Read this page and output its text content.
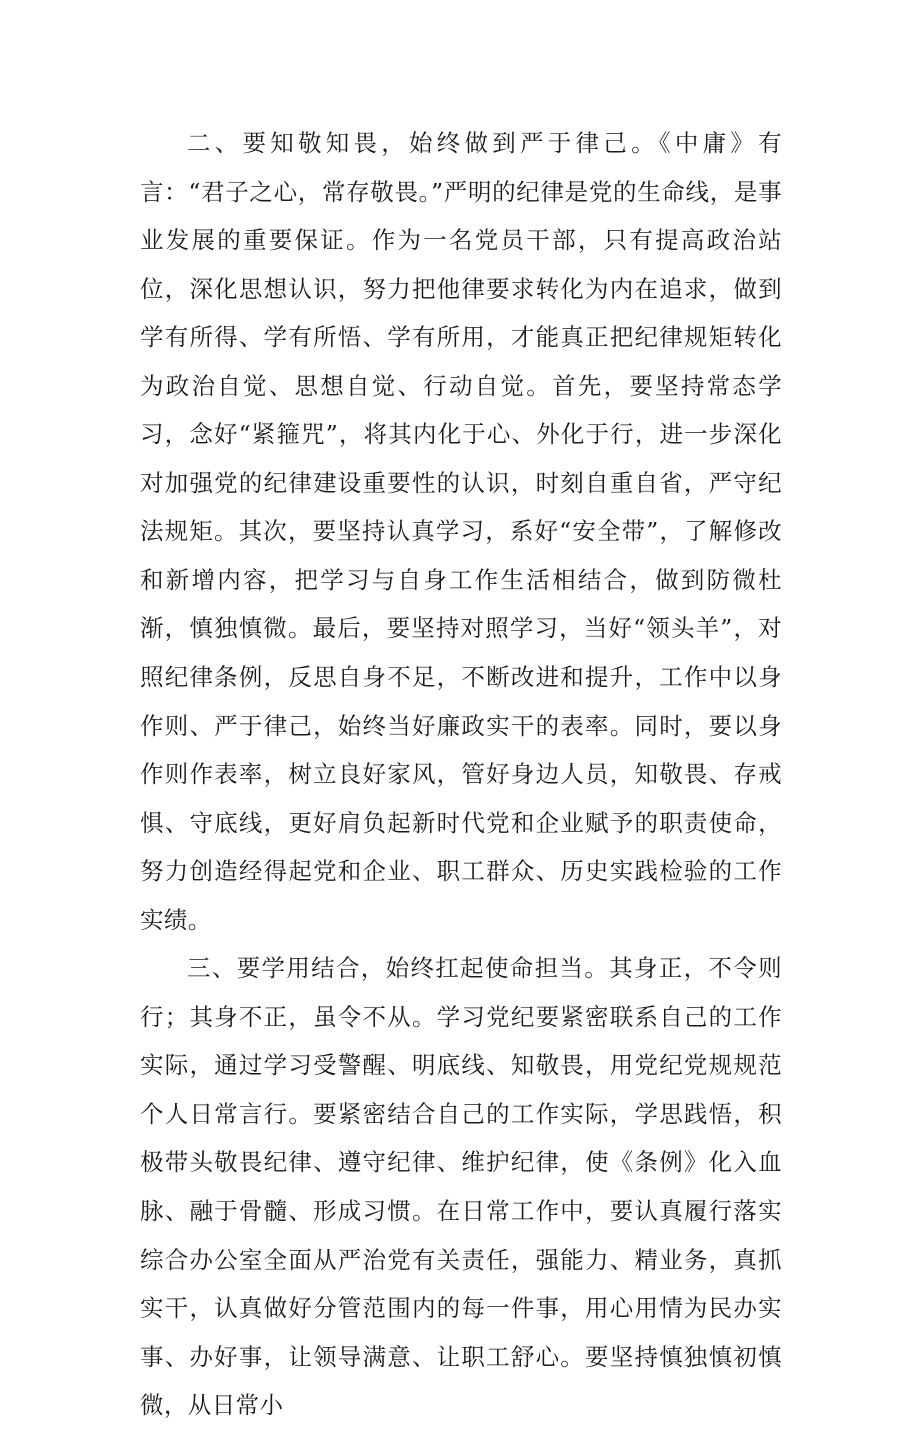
二、要知敬知畏，始终做到严于律己。《中庸》有言：“君子之心，常存敬畏。”严明的纪律是党的生命线，是事业发展的重要保证。作为一名党员干部，只有提高政治站位，深化思想认识，努力把他律要求转化为内在追求，做到学有所得、学有所悟、学有所用，才能真正把纪律规矩转化为政治自觉、思想自觉、行动自觉。首先，要坚持常态学习，念好“紧箍咒”，将其内化于心、外化于行，进一步深化对加强党的纪律建设重要性的认识，时刻自重自省，严守纪法规矩。其次，要坚持认真学习，系好“安全带”，了解修改和新增内容，把学习与自身工作生活相结合，做到防微杜渐，慎独慎微。最后，要坚持对照学习，当好“领头羊”，对照纪律条例，反思自身不足，不断改进和提升，工作中以身作则、严于律己，始终当好廉政实干的表率。同时，要以身作则作表率，树立良好家风，管好身边人员，知敬畏、存戒惧、守底线，更好肩负起新时代党和企业赋予的职责使命，努力创造经得起党和企业、职工群众、历史实践检验的工作实绩。

三、要学用结合，始终扛起使命担当。其身正，不令则行；其身不正，虽令不从。学习党纪要紧密联系自己的工作实际，通过学习受警醒、明底线、知敬畏，用党纪党规规范个人日常言行。要紧密结合自己的工作实际，学思践悟，积极带头敬畏纪律、遵守纪律、维护纪律，使《条例》化入血脉、融于骨髓、形成习惯。在日常工作中，要认真履行落实综合办公室全面从严治党有关责任，强能力、精业务，真抓实干，认真做好分管范围内的每一件事，用心用情为民办实事、办好事，让领导满意、让职工舒心。要坚持慎独慎初慎微，从日常小
